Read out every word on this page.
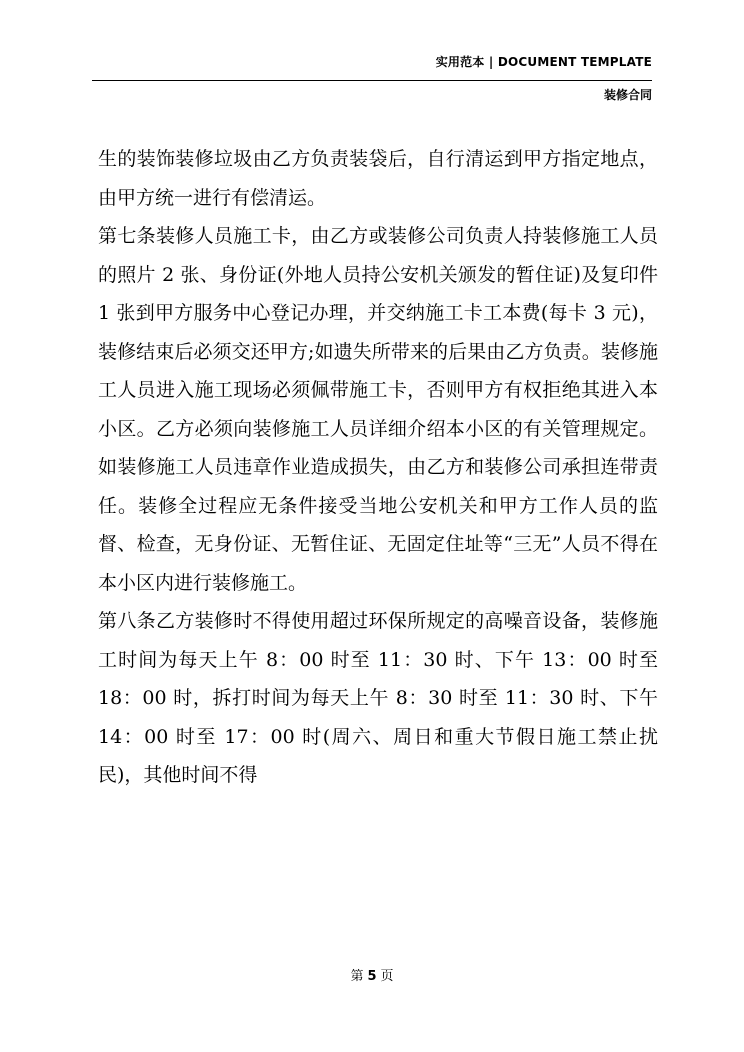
实用范本 | DOCUMENT TEMPLATE
装修合同

生的装饰装修垃圾由乙方负责装袋后，自行清运到甲方指定地点，由甲方统一进行有偿清运。

第七条装修人员施工卡，由乙方或装修公司负责人持装修施工人员的照片 2 张、身份证(外地人员持公安机关颁发的暂住证)及复印件 1 张到甲方服务中心登记办理，并交纳施工卡工本费(每卡 3 元)，装修结束后必须交还甲方;如遗失所带来的后果由乙方负责。装修施工人员进入施工现场必须佩带施工卡，否则甲方有权拒绝其进入本小区。乙方必须向装修施工人员详细介绍本小区的有关管理规定。如装修施工人员违章作业造成损失，由乙方和装修公司承担连带责任。装修全过程应无条件接受当地公安机关和甲方工作人员的监督、检查，无身份证、无暂住证、无固定住址等“三无”人员不得在本小区内进行装修施工。

第八条乙方装修时不得使用超过环保所规定的高噪音设备，装修施工时间为每天上午 8：00 时至 11：30 时、下午 13：00 时至 18：00 时，拆打时间为每天上午 8：30 时至 11：30 时、下午 14：00 时至 17：00 时(周六、周日和重大节假日施工禁止扰民)，其他时间不得

第 5 页
